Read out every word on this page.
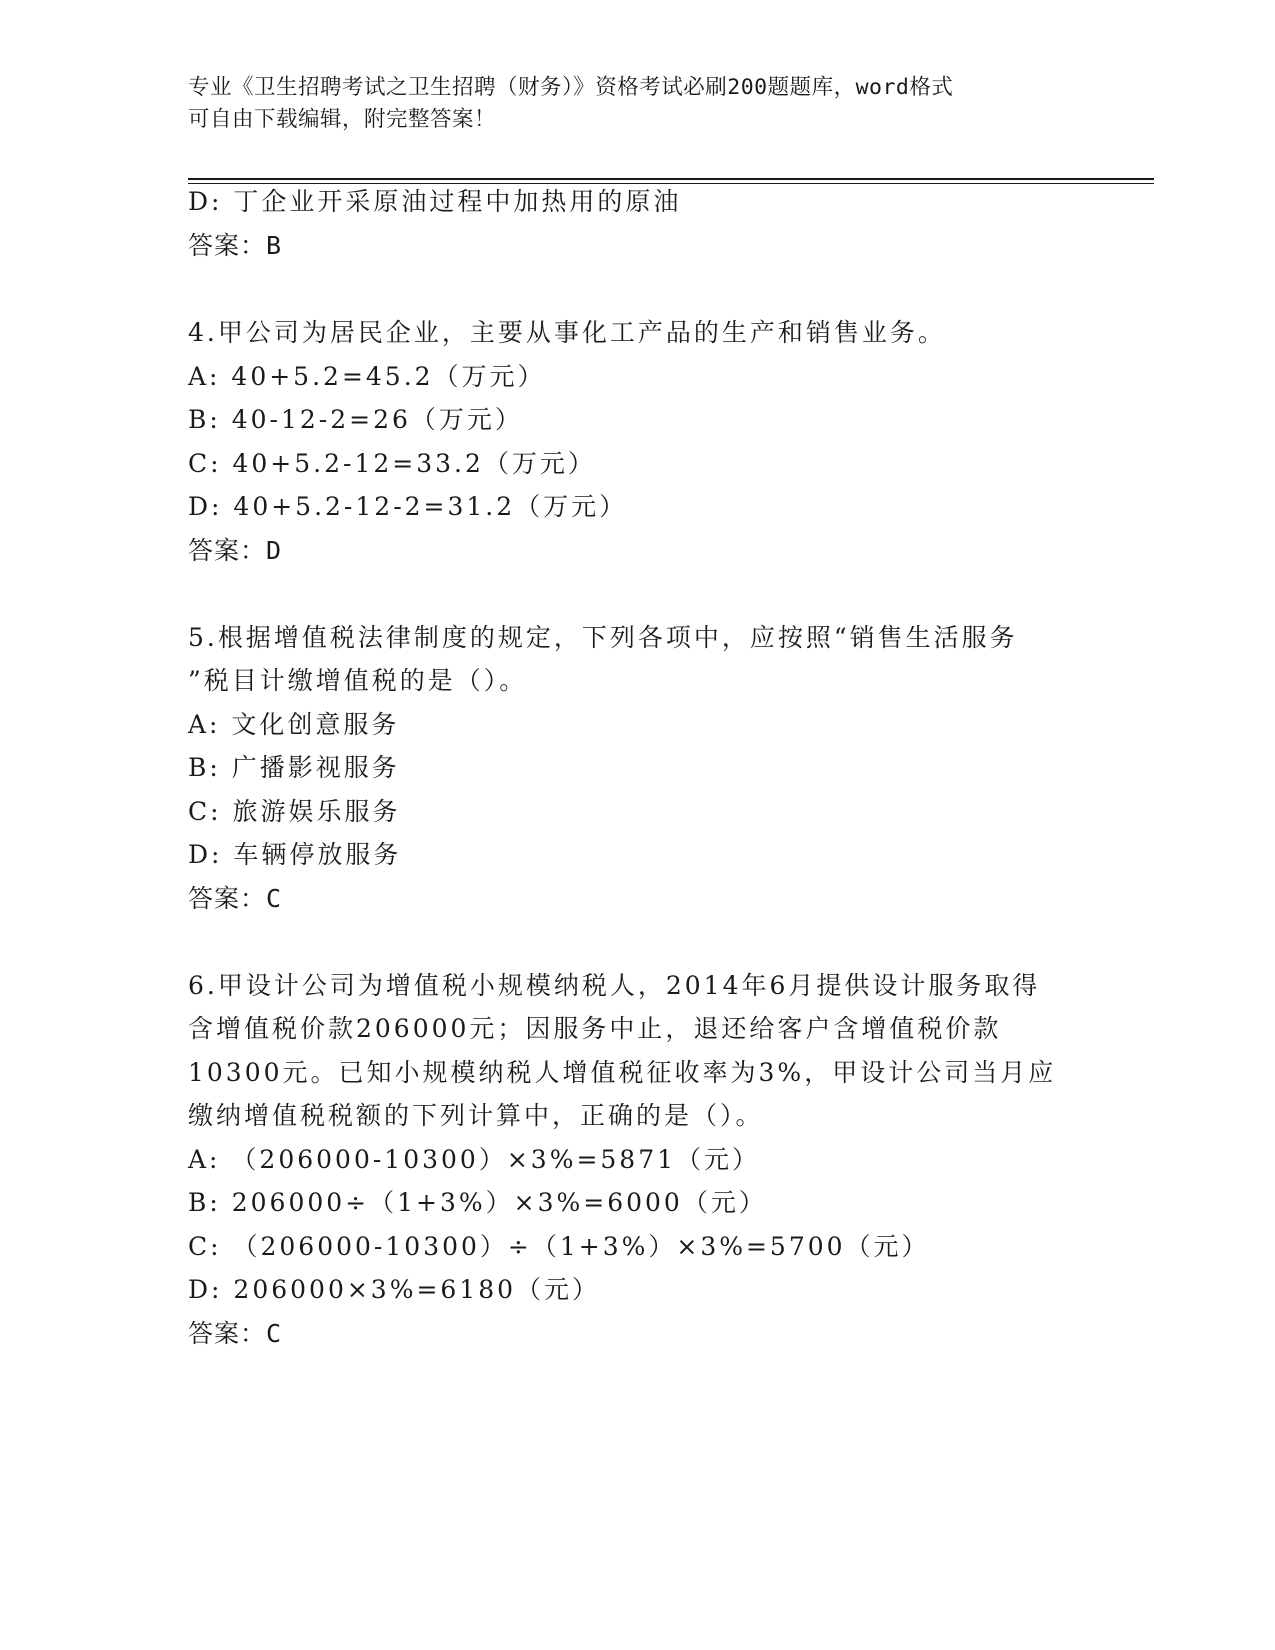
专业《卫生招聘考试之卫生招聘（财务）》资格考试必刷200题题库，word格式
可自由下载编辑，附完整答案！
D: 丁企业开采原油过程中加热用的原油
答案：B
4.甲公司为居民企业，主要从事化工产品的生产和销售业务。
A: 40+5.2=45.2（万元）
B: 40-12-2=26（万元）
C: 40+5.2-12=33.2（万元）
D: 40+5.2-12-2=31.2（万元）
答案：D
5.根据增值税法律制度的规定，下列各项中，应按照“销售生活服务
”税目计缴增值税的是（）。
A: 文化创意服务
B: 广播影视服务
C: 旅游娱乐服务
D: 车辆停放服务
答案：C
6.甲设计公司为增值税小规模纳税人，2014年6月提供设计服务取得
含增值税价款206000元；因服务中止，退还给客户含增值税价款
10300元。已知小规模纳税人增值税征收率为3%，甲设计公司当月应
缴纳增值税税额的下列计算中，正确的是（）。
A: （206000-10300）×3%=5871（元）
B: 206000÷（1+3%）×3%=6000（元）
C: （206000-10300）÷（1+3%）×3%=5700（元）
D: 206000×3%=6180（元）
答案：C
